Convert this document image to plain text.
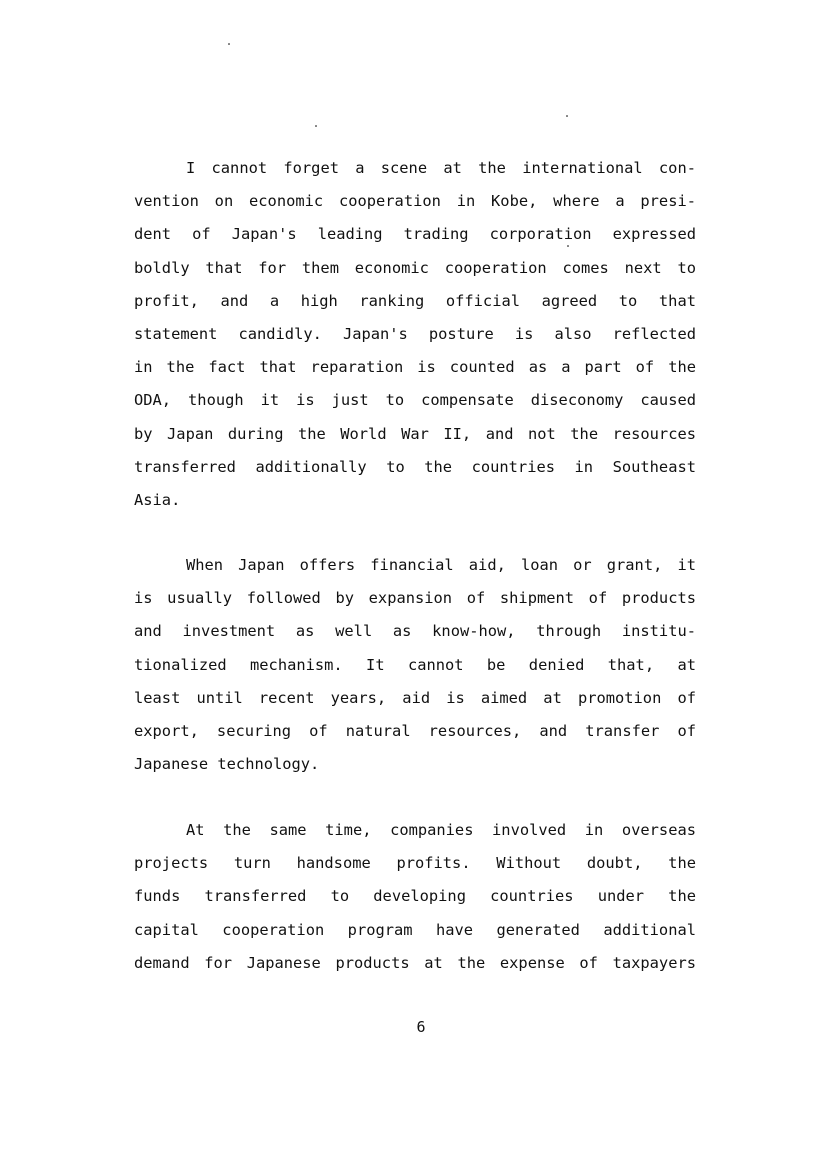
I cannot forget a scene at the international con-
vention on economic cooperation in Kobe, where a presi-
dent of Japan's leading trading corporation expressed
boldly that for them economic cooperation comes next to
profit, and a high ranking official agreed to that
statement candidly. Japan's posture is also reflected
in the fact that reparation is counted as a part of the
ODA, though it is just to compensate diseconomy caused
by Japan during the World War II, and not the resources
transferred additionally to the countries in Southeast
Asia.
When Japan offers financial aid, loan or grant, it
is usually followed by expansion of shipment of products
and investment as well as know-how, through institu-
tionalized mechanism. It cannot be denied that, at
least until recent years, aid is aimed at promotion of
export, securing of natural resources, and transfer of
Japanese technology.
At the same time, companies involved in overseas
projects turn handsome profits. Without doubt, the
funds transferred to developing countries under the
capital cooperation program have generated additional
demand for Japanese products at the expense of taxpayers
6
